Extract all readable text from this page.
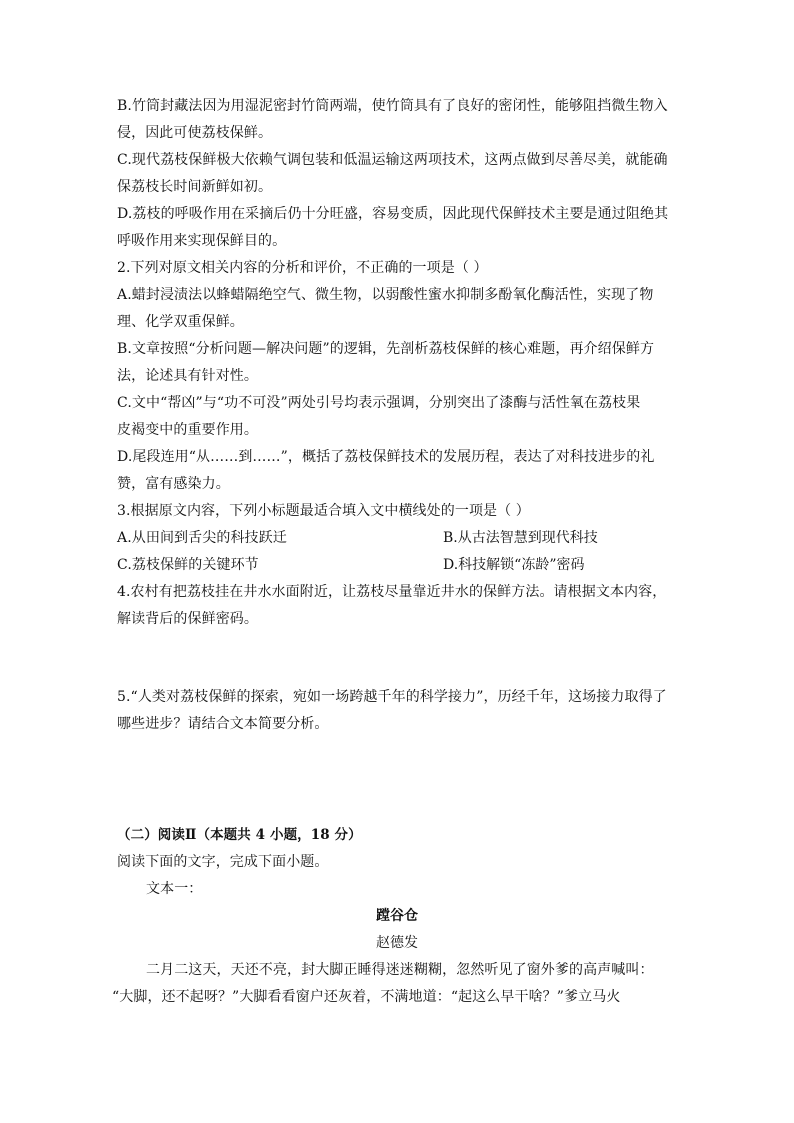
B.竹筒封藏法因为用湿泥密封竹筒两端，使竹筒具有了良好的密闭性，能够阻挡微生物入
侵，因此可使荔枝保鲜。
C.现代荔枝保鲜极大依赖气调包装和低温运输这两项技术，这两点做到尽善尽美，就能确
保荔枝长时间新鲜如初。
D.荔枝的呼吸作用在采摘后仍十分旺盛，容易变质，因此现代保鲜技术主要是通过阻绝其
呼吸作用来实现保鲜目的。
2.下列对原文相关内容的分析和评价，不正确的一项是（ ）
A.蜡封浸渍法以蜂蜡隔绝空气、微生物，以弱酸性蜜水抑制多酚氧化酶活性，实现了物
理、化学双重保鲜。
B.文章按照“分析问题—解决问题”的逻辑，先剖析荔枝保鲜的核心难题，再介绍保鲜方
法，论述具有针对性。
C.文中“帮凶”与“功不可没”两处引号均表示强调，分别突出了漆酶与活性氧在荔枝果
皮褐变中的重要作用。
D.尾段连用“从……到……”，概括了荔枝保鲜技术的发展历程，表达了对科技进步的礼
赞，富有感染力。
3.根据原文内容，下列小标题最适合填入文中横线处的一项是（ ）
A.从田间到舌尖的科技跃迁	B.从古法智慧到现代科技
C.荔枝保鲜的关键环节	D.科技解锁“冻龄”密码
4.农村有把荔枝挂在井水水面附近，让荔枝尽量靠近井水的保鲜方法。请根据文本内容，
解读背后的保鲜密码。
5.“人类对荔枝保鲜的探索，宛如一场跨越千年的科学接力”，历经千年，这场接力取得了
哪些进步？请结合文本简要分析。
（二）阅读Ⅱ（本题共 4 小题，18 分）
阅读下面的文字，完成下面小题。
文本一：
蹚谷仓
赵德发
二月二这天，天还不亮，封大脚正睡得迷迷糊糊，忽然听见了窗外爹的高声喊叫：
“大脚，还不起呀？”大脚看看窗户还灰着，不满地道：“起这么早干啥？”爹立马火
